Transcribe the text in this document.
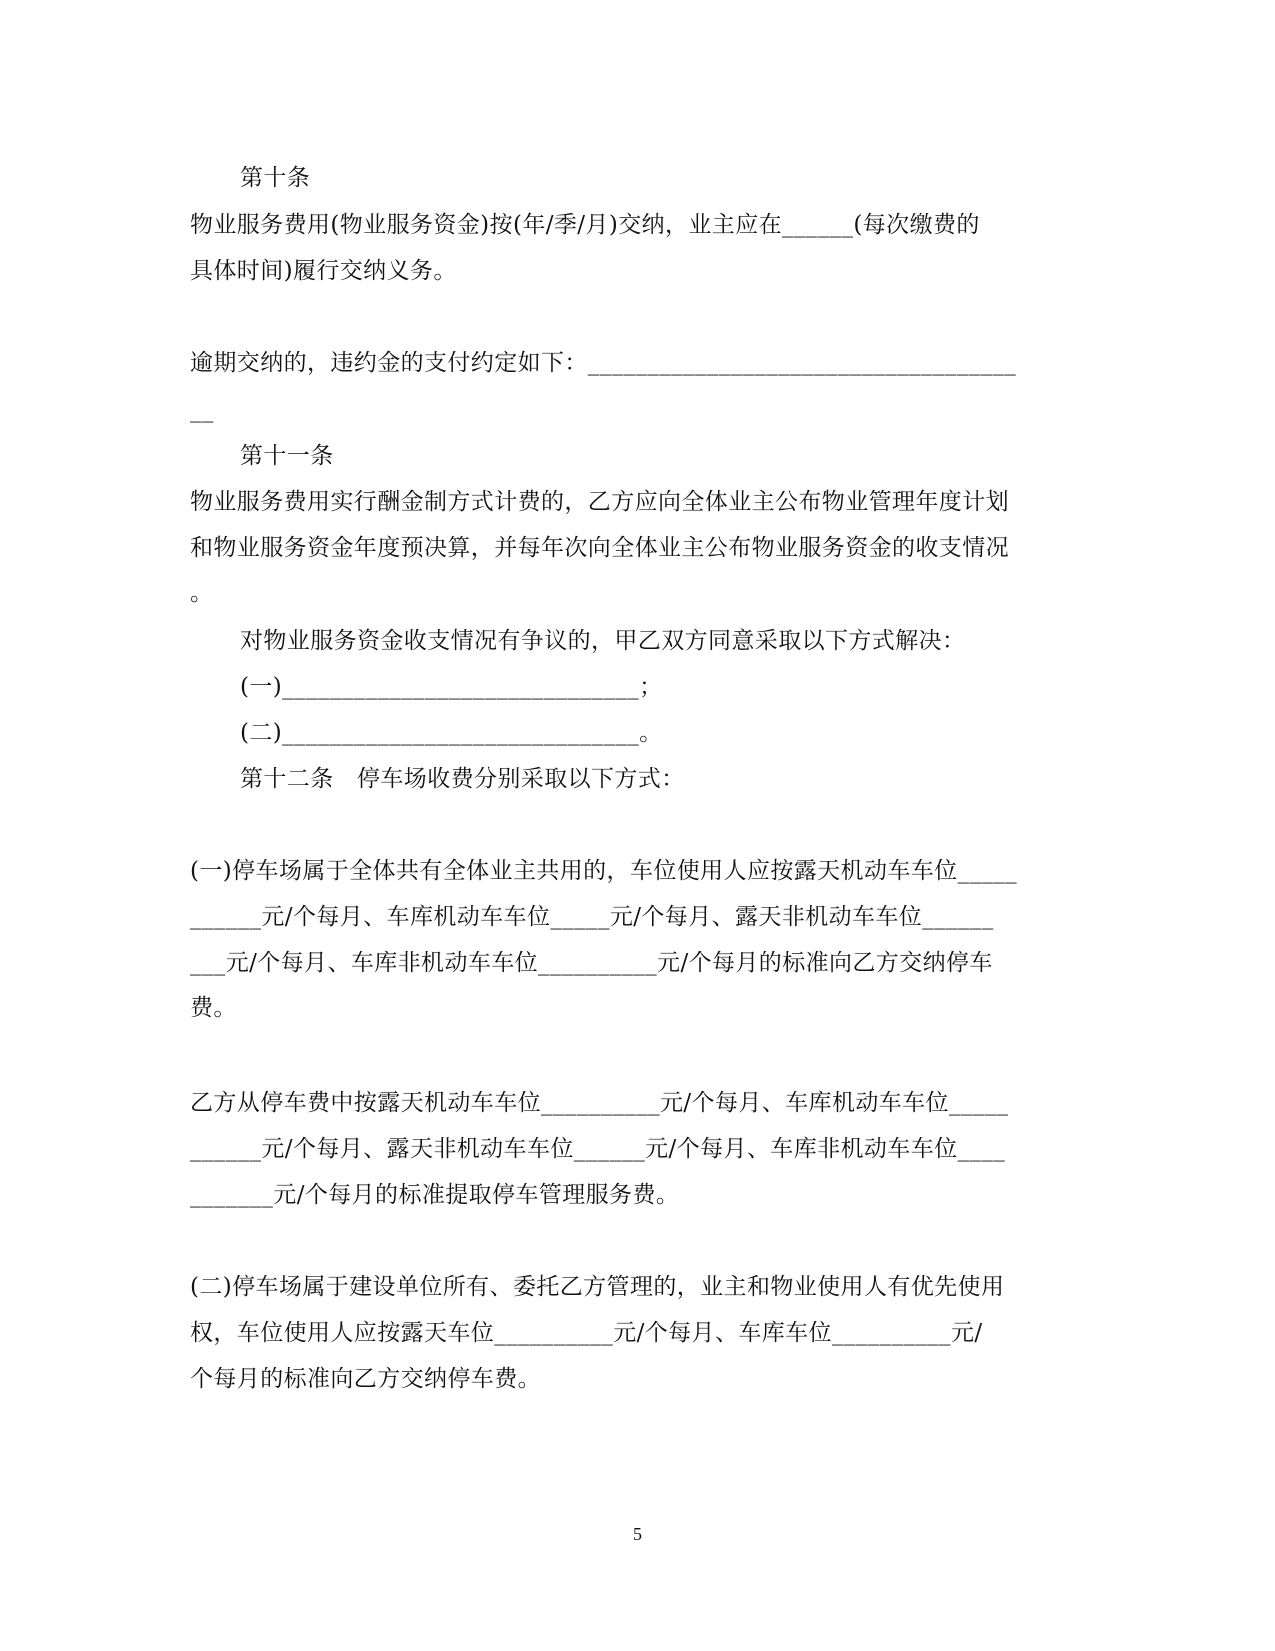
第十条
物业服务费用(物业服务资金)按(年/季/月)交纳，业主应在______(每次缴费的
具体时间)履行交纳义务。
逾期交纳的，违约金的支付约定如下：____________________________________
__
第十一条
物业服务费用实行酬金制方式计费的，乙方应向全体业主公布物业管理年度计划
和物业服务资金年度预决算，并每年次向全体业主公布物业服务资金的收支情况
。
对物业服务资金收支情况有争议的，甲乙双方同意采取以下方式解决：
(一)______________________________；
(二)______________________________。
第十二条　停车场收费分别采取以下方式：
(一)停车场属于全体共有全体业主共用的，车位使用人应按露天机动车车位_____
______元/个每月、车库机动车车位_____元/个每月、露天非机动车车位______
___元/个每月、车库非机动车车位__________元/个每月的标准向乙方交纳停车
费。
乙方从停车费中按露天机动车车位__________元/个每月、车库机动车车位_____
______元/个每月、露天非机动车车位______元/个每月、车库非机动车车位____
_______元/个每月的标准提取停车管理服务费。
(二)停车场属于建设单位所有、委托乙方管理的，业主和物业使用人有优先使用
权，车位使用人应按露天车位__________元/个每月、车库车位__________元/
个每月的标准向乙方交纳停车费。
5
